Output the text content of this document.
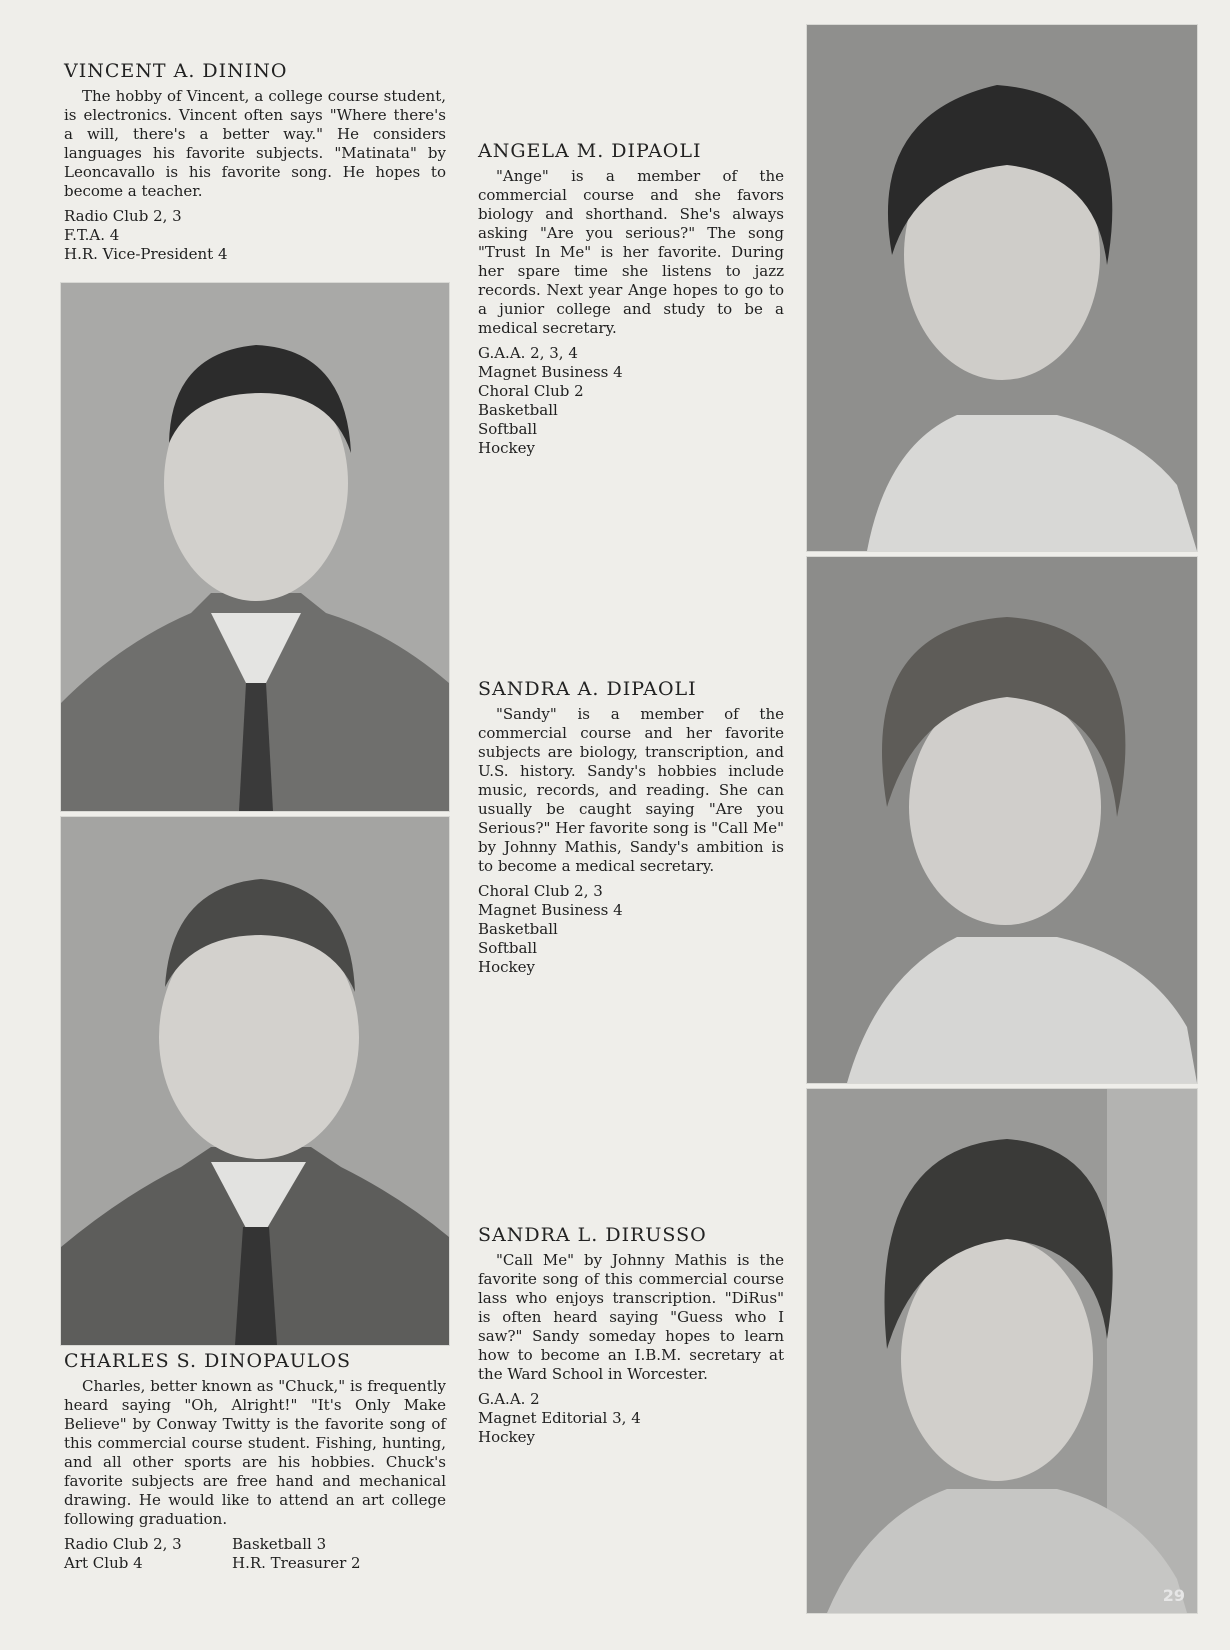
VINCENT A. DININO

The hobby of Vincent, a college course student, is electronics. Vincent often says "Where there's a will, there's a better way." He considers languages his favorite subjects. "Matinata" by Leoncavallo is his favorite song. He hopes to become a teacher.

Radio Club 2, 3
F.T.A. 4
H.R. Vice-President 4
CHARLES S. DINOPAULOS

Charles, better known as "Chuck," is frequently heard saying "Oh, Alright!" "It's Only Make Believe" by Conway Twitty is the favorite song of this commercial course student. Fishing, hunting, and all other sports are his hobbies. Chuck's favorite subjects are free hand and mechanical drawing. He would like to attend an art college following graduation.

Radio Club 2, 3	Basketball 3
Art Club 4	H.R. Treasurer 2
ANGELA M. DIPAOLI

"Ange" is a member of the commercial course and she favors biology and shorthand. She's always asking "Are you serious?" The song "Trust In Me" is her favorite. During her spare time she listens to jazz records. Next year Ange hopes to go to a junior college and study to be a medical secretary.

G.A.A. 2, 3, 4
Magnet Business 4
Choral Club 2
Basketball
Softball
Hockey
SANDRA A. DIPAOLI

"Sandy" is a member of the commercial course and her favorite subjects are biology, transcription, and U.S. history. Sandy's hobbies include music, records, and reading. She can usually be caught saying "Are you Serious?" Her favorite song is "Call Me" by Johnny Mathis, Sandy's ambition is to become a medical secretary.

Choral Club 2, 3
Magnet Business 4
Basketball
Softball
Hockey
SANDRA L. DIRUSSO

"Call Me" by Johnny Mathis is the favorite song of this commercial course lass who enjoys transcription. "DiRus" is often heard saying "Guess who I saw?" Sandy someday hopes to learn how to become an I.B.M. secretary at the Ward School in Worcester.

G.A.A. 2
Magnet Editorial 3, 4
Hockey
29
